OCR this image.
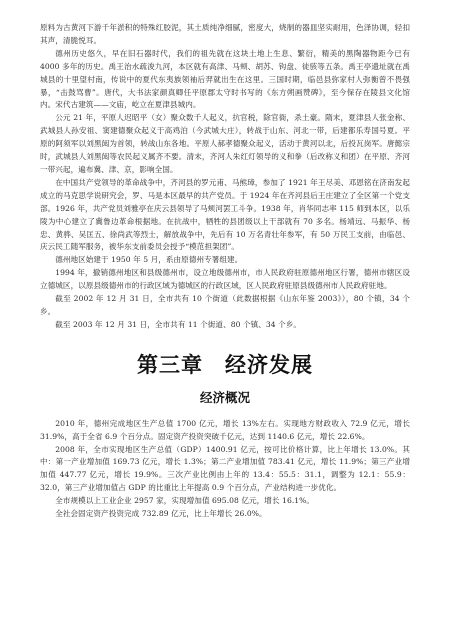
原料为古黄河下游千年淤积的特殊红胶泥，其土质纯净细腻，密度大，烧制的器皿坚实耐用，色泽协调，轻扣其声，清脆悦耳。

德州历史悠久，早在旧石器时代，我们的祖先就在这块土地上生息、繁衍，精美的黑陶器物距今已有 4000 多年的历史。禹王治水疏浚九河，本区就有高津、马颊、胡苏、钩盘、徒骇等五条。禹王亭遗址就在禹城县的十里望村南，传说中的夏代东夷族领袖后羿就出生在这里。三国时期，临邑县弥家村人弥衡曾不畏强暴，“击鼓骂曹”。唐代，大书法家颜真卿任平原郡太守时书写的《东方朔画赞碑》，至今保存在陵县文化馆内。宋代古建筑——文庙，屹立在夏津县城内。

公元 21 年，平原人迟昭平（女）聚众数千人起义，抗官税，除官衙，杀土豪。隋末，夏津县人张金称、武城县人孙安祖、窦建德聚众起义于高鸡泊（今武城大庄），转战于山东、河北一带，后建都乐寿国号夏。平原的阿须军以刘黑闼为首领，转战山东各地。平原人郝孝德聚众起义，活动于黄河以北，后投瓦岗军。唐懿宗时，武城县人刘黑闼等农民起义属齐不要。清末，齐河人朱红灯领导的义和拳（后改称义和团）在平原、齐河一带兴起，遍布冀、津、京，影响全国。

在中国共产党领导的革命战争中，齐河县的罗元甫、马熊璋，参加了 1921 年王尽美、邓恩铭在济南发起成立的马克思学说研究会，罗、马是本区最早的共产党员。于 1924 年在齐河县后王庄建立了全区第一个党支部。1926 年，共产党员刘雅亭在庆云县领导了马颊河罢工斗争。1938 年，肖华同志率 115 师到本区，以乐陵为中心建立了冀鲁边革命根据地。在抗战中，牺牲的县团级以上干部就有 70 多名。杨靖远、马振华、杨忠、黄骅、吴匡五、徐尚武等烈士，解放战争中，先后有 10 万名青壮年参军，有 50 万民工支前，由临邑、庆云民工随军服务，被华东支前委员会授予“模范担架团”。

德州地区始建于 1950 年 5 月，系由原德州专署组建。

1994 年，撤销德州地区和县级德州市，设立地级德州市，市人民政府驻原德州地区行署，德州市辖区设立德城区，以原县级德州市的行政区域为德城区的行政区域，区人民政府驻原县级德州市人民政府驻地。

截至 2002 年 12 月 31 日，全市共有 10 个街道（此数据根据《山东年鉴 2003》），80 个镇，34 个乡。

截至 2003 年 12 月 31 日，全市共有 11 个街道、80 个镇、34 个乡。

第三章 经济发展
经济概况

2010 年，德州完成地区生产总值 1700 亿元，增长 13%左右。实现地方财政收入 72.9 亿元，增长 31.9%，高于全省 6.9 个百分点。固定资产投资突破千亿元，达到 1140.6 亿元，增长 22.6%。

2008 年，全市实现地区生产总值（GDP）1400.91 亿元，按可比价格计算，比上年增长 13.0%。其中：第一产业增加值 169.73 亿元，增长 1.3%；第二产业增加值 783.41 亿元，增长 11.9%；第三产业增加值 447.77 亿元，增长 19.9%。三次产业比例由上年的 13.4：55.5：31.1，调整为 12.1：55.9：32.0，第三产业增加值占 GDP 的比重比上年提高 0.9 个百分点，产业结构进一步优化。

全市规模以上工业企业 2957 家，实现增加值 695.08 亿元，增长 16.1%。

全社会固定资产投资完成 732.89 亿元，比上年增长 26.0%。
